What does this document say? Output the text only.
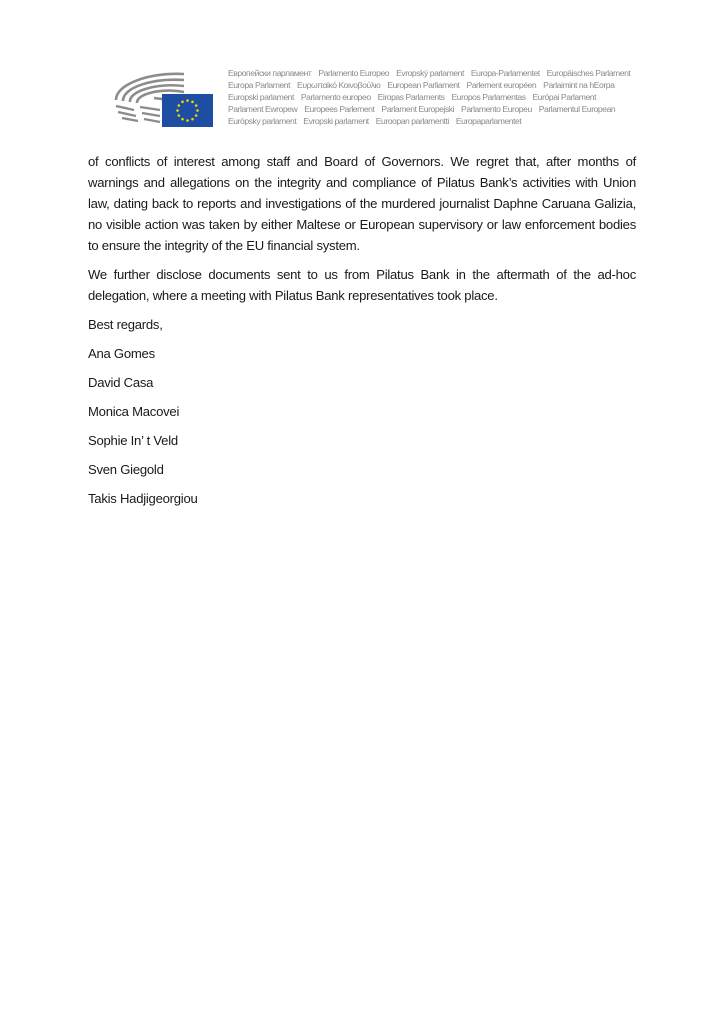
Европейски парламент Parlamento Europeo Evropský parlament Europa-Parlamentet Europäisches Parlament
Europa Parlament Ευρωπαϊκό Κοινοβούλιο European Parliament Parlement européen Parlaimint na hEorpa
Europski parlament Parlamento europeo Eiropas Parlaments Europos Parlamentas Európai Parlament
Parlament Ewropew Europees Parlement Parlament Europejski Parlamento Europeu Parlamentul European
Európsky parlament Evropski parlament Euroopan parlamentti Europaparlamentet

of conflicts of interest among staff and Board of Governors. We regret that, after months of warnings and allegations on the integrity and compliance of Pilatus Bank’s activities with Union law, dating back to reports and investigations of the murdered journalist Daphne Caruana Galizia, no visible action was taken by either Maltese or European supervisory or law enforcement bodies to ensure the integrity of the EU financial system.

We further disclose documents sent to us from Pilatus Bank in the aftermath of the ad-hoc delegation, where a meeting with Pilatus Bank representatives took place.

Best regards,
Ana Gomes
David Casa
Monica Macovei
Sophie In’ t Veld
Sven Giegold
Takis Hadjigeorgiou
